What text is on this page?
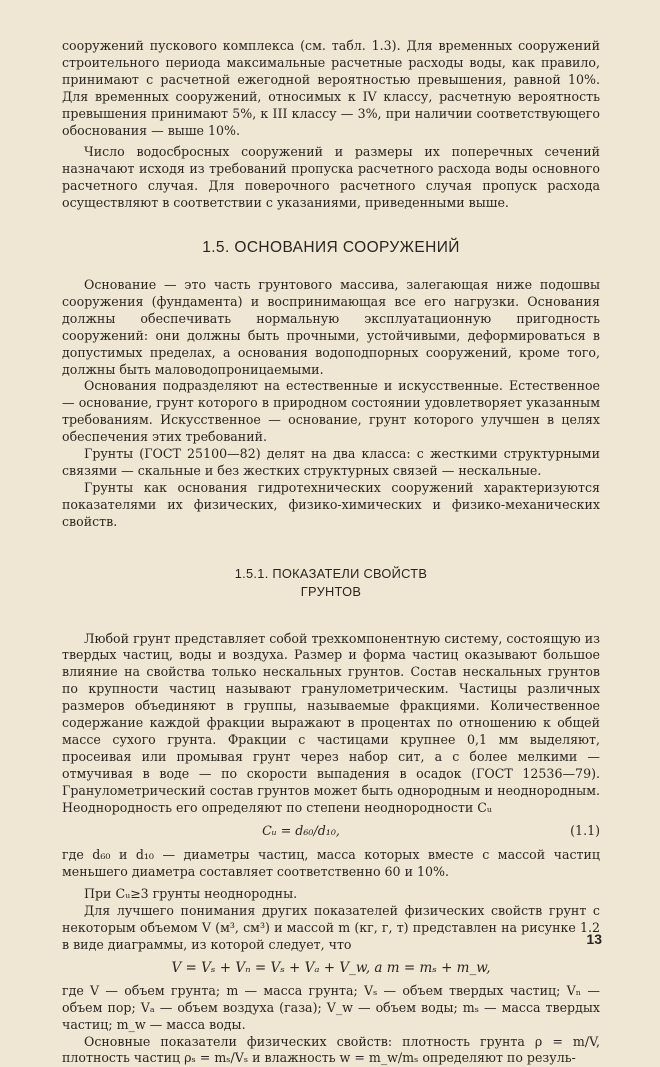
сооружений пускового комплекса (см. табл. 1.3). Для временных сооружений строительного периода максимальные расчетные расходы воды, как правило, принимают с расчетной ежегодной вероятностью превышения, равной 10%. Для временных сооружений, относимых к IV классу, расчетную вероятность превышения принимают 5%, к III классу — 3%, при наличии соответствующего обоснования — выше 10%.

Число водосбросных сооружений и размеры их поперечных сечений назначают исходя из требований пропуска расчетного расхода воды основного расчетного случая. Для поверочного расчетного случая пропуск расхода осуществляют в соответствии с указаниями, приведенными выше.

1.5. ОСНОВАНИЯ СООРУЖЕНИЙ

Основание — это часть грунтового массива, залегающая ниже подошвы сооружения (фундамента) и воспринимающая все его нагрузки. Основания должны обеспечивать нормальную эксплуатационную пригодность сооружений: они должны быть прочными, устойчивыми, деформироваться в допустимых пределах, а основания водоподпорных сооружений, кроме того, должны быть маловодопроницаемыми.

Основания подразделяют на естественные и искусственные. Естественное — основание, грунт которого в природном состоянии удовлетворяет указанным требованиям. Искусственное — основание, грунт которого улучшен в целях обеспечения этих требований.

Грунты (ГОСТ 25100—82) делят на два класса: с жесткими структурными связями — скальные и без жестких структурных связей — нескальные.

Грунты как основания гидротехнических сооружений характеризуются показателями их физических, физико-химических и физико-механических свойств.

1.5.1. ПОКАЗАТЕЛИ СВОЙСТВ
ГРУНТОВ

Любой грунт представляет собой трехкомпонентную систему, состоящую из твердых частиц, воды и воздуха. Размер и форма частиц оказывают большое влияние на свойства только нескальных грунтов. Состав нескальных грунтов по крупности частиц называют гранулометрическим. Частицы различных размеров объединяют в группы, называемые фракциями. Количественное содержание каждой фракции выражают в процентах по отношению к общей массе сухого грунта. Фракции с частицами крупнее 0,1 мм выделяют, просеивая или промывая грунт через набор сит, а с более мелкими — отмучивая в воде — по скорости выпадения в осадок (ГОСТ 12536—79). Гранулометрический состав грунтов может быть однородным и неоднородным. Неоднородность его определяют по степени неоднородности Cᵤ

Cᵤ = d₆₀/d₁₀,	(1.1)

где d₆₀ и d₁₀ — диаметры частиц, масса которых вместе с массой частиц меньшего диаметра составляет соответственно 60 и 10%.

При Cᵤ≥3 грунты неоднородны.

Для лучшего понимания других показателей физических свойств грунт с некоторым объемом V (м³, см³) и массой m (кг, г, т) представлен на рисунке 1.2 в виде диаграммы, из которой следует, что

V = Vₛ + Vₙ = Vₛ + Vₐ + V_w, а m = mₛ + m_w,

где V — объем грунта; m — масса грунта; Vₛ — объем твердых частиц; Vₙ — объем пор; Vₐ — объем воздуха (газа); V_w — объем воды; mₛ — масса твердых частиц; m_w — масса воды.

Основные показатели физических свойств: плотность грунта ρ = m/V, плотность частиц ρₛ = mₛ/Vₛ и влажность w = m_w/mₛ определяют по резуль-

13
